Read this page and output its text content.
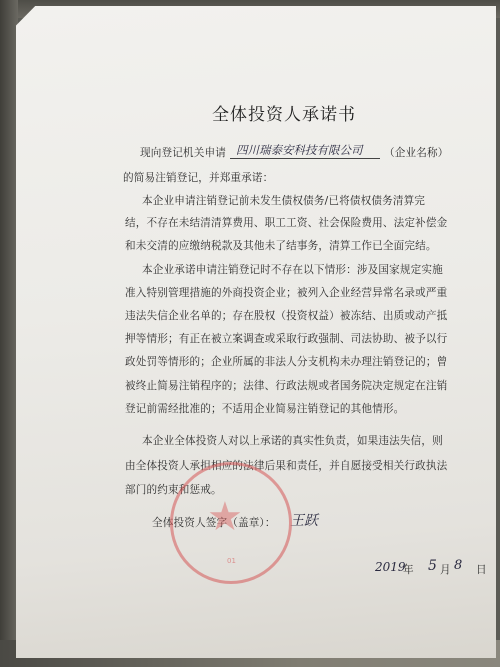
全体投资人承诺书
现向登记机关申请 四川瑞泰安科技有限公司 （企业名称）
的简易注销登记，并郑重承诺：
本企业申请注销登记前未发生债权债务/已将债权债务清算完
结，不存在未结清清算费用、职工工资、社会保险费用、法定补偿金
和未交清的应缴纳税款及其他未了结事务，清算工作已全面完结。
本企业承诺申请注销登记时不存在以下情形：涉及国家规定实施
准入特别管理措施的外商投资企业；被列入企业经营异常名录或严重
违法失信企业名单的；存在股权（投资权益）被冻结、出质或动产抵
押等情形；有正在被立案调查或采取行政强制、司法协助、被予以行
政处罚等情形的；企业所属的非法人分支机构未办理注销登记的；曾
被终止简易注销程序的；法律、行政法规或者国务院决定规定在注销
登记前需经批准的；不适用企业简易注销登记的其他情形。
本企业全体投资人对以上承诺的真实性负责，如果违法失信，则
由全体投资人承担相应的法律后果和责任，并自愿接受相关行政执法
部门的约束和惩戒。
全体投资人签字（盖章）： 王跃
★
01	2019
年 5 月 8 日
